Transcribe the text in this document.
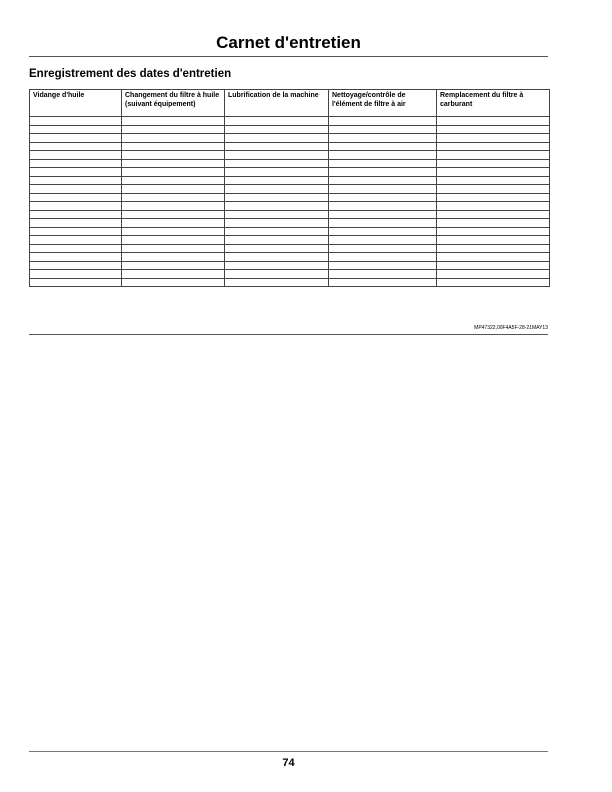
Carnet d'entretien
Enregistrement des dates d'entretien
Vidange d'huile	Changement du filtre à huile (suivant équipement)	Lubrification de la machine	Nettoyage/contrôle de l'élément de filtre à air	Remplacement du filtre à carburant

MP47322,00F4A5F-28-21MAY13
74
